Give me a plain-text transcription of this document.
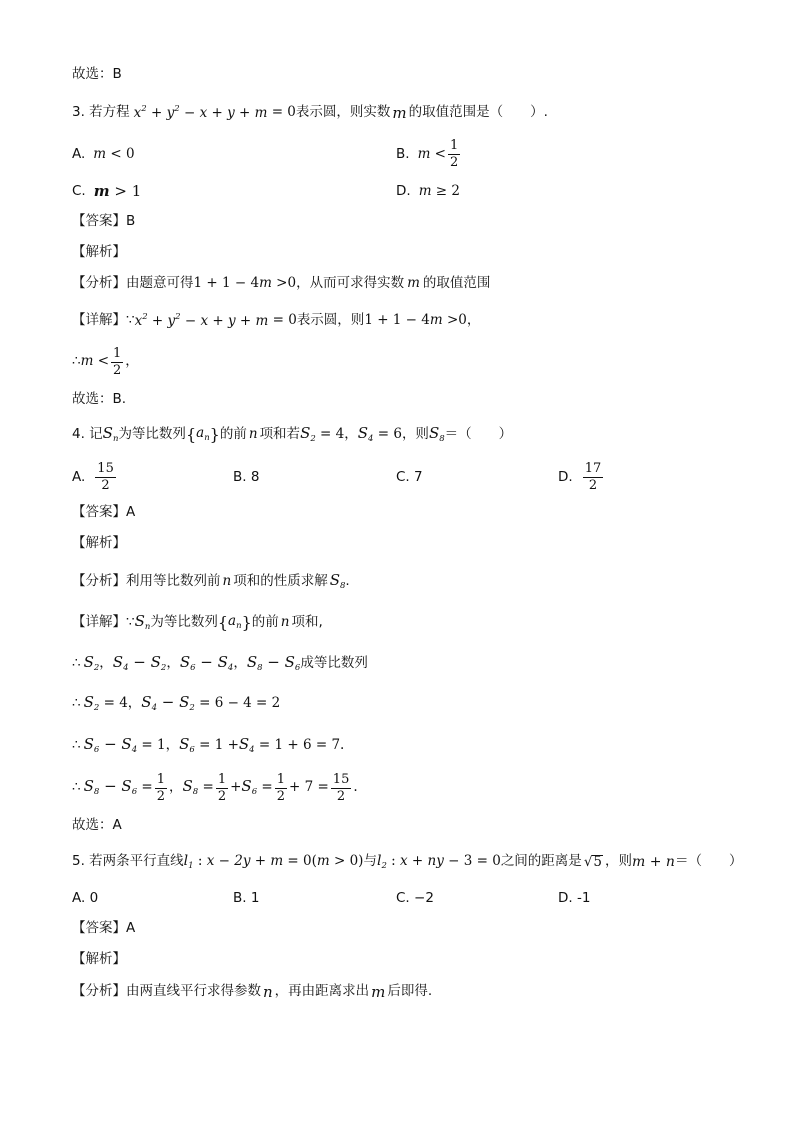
故选：B
3. 若方程 $x^2 + y^2 - x + y + m = 0$ 表示圆，则实数 m 的取值范围是（　　）.
A. m < 0	B. $m < \frac{1}{2}$
C. m > 1	D. m ≥ 2
【答案】B
【解析】
【分析】由题意可得 1 + 1 − 4 m >0 ，从而可求得实数 m 的取值范围
【详解】 ∵ $x^2 + y^2 - x + y + m = 0$ 表示圆，则 1 + 1 − 4 m >0 ，
∴ $m < \frac{1}{2}$ ，
故选：B.
4. 记 $S_n$ 为等比数列 { $a_n$ } 的前 n 项和若 $S_2 = 4$ ， $S_4 = 6$ ，则 $S_8$ ＝（　　）
A. $\frac{15}{2}$	B. 8	C. 7	D. $\frac{17}{2}$
【答案】A
【解析】
【分析】利用等比数列前 n 项和的性质求解 $S_8$ .
【详解】 ∵ $S_n$ 为等比数列 { $a_n$ } 的前 n 项和,
∴ $S_2$ ， $S_4 - S_2$ ， $S_6 - S_4$ ， $S_8 - S_6$ 成等比数列
∴ $S_2 = 4$ ， $S_4 - S_2 = 6 - 4 = 2$
∴ $S_6 - S_4 = 1$ ， $S_6 = 1 + S_4 = 1 + 6 = 7$.
∴ $S_8 - S_6 = \frac{1}{2}$ ， $S_8 = \frac{1}{2} + S_6 = \frac{1}{2} + 7 = \frac{15}{2}$ .
故选：A
5. 若两条平行直线 $l_1$ : x − 2y + m = 0( m > 0) 与 $l_2$ : x + ny − 3 = 0 之间的距离是 √ 5 ，则 m + n ＝（　　）
A. 0	B. 1	C. −2	D. -1
【答案】A
【解析】
【分析】由两直线平行求得参数 n ，再由距离求出 m 后即得.
